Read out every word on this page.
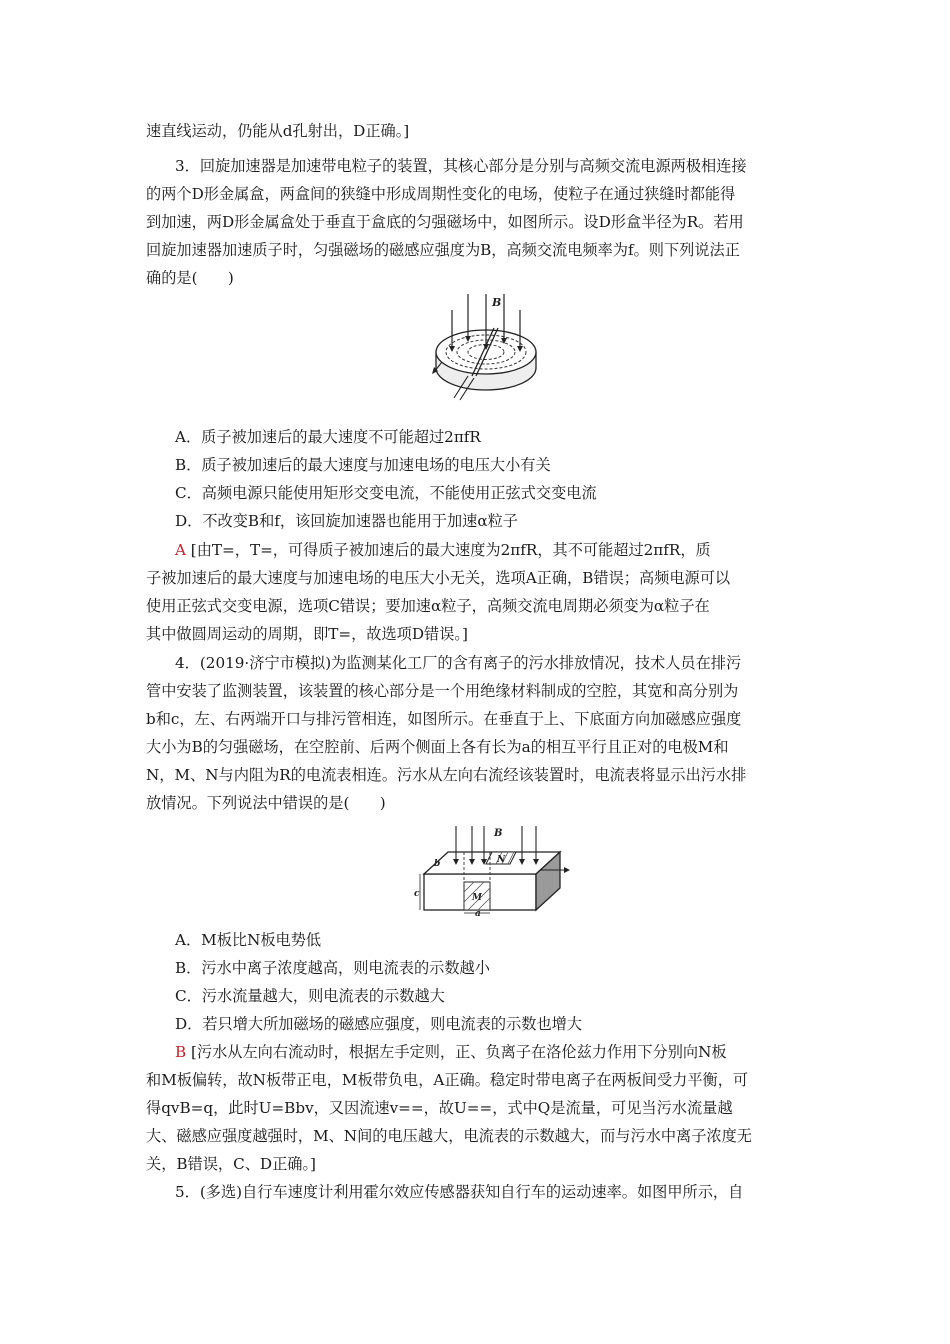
速直线运动，仍能从d孔射出，D正确。]
3．回旋加速器是加速带电粒子的装置，其核心部分是分别与高频交流电源两极相连接
的两个D形金属盒，两盒间的狭缝中形成周期性变化的电场，使粒子在通过狭缝时都能得
到加速，两D形金属盒处于垂直于盒底的匀强磁场中，如图所示。设D形盒半径为R。若用
回旋加速器加速质子时，匀强磁场的磁感应强度为B，高频交流电频率为f。则下列说法正
确的是(　　)
B
A．质子被加速后的最大速度不可能超过2πfR
B．质子被加速后的最大速度与加速电场的电压大小有关
C．高频电源只能使用矩形交变电流，不能使用正弦式交变电流
D．不改变B和f，该回旋加速器也能用于加速α粒子
A [由T=，T=，可得质子被加速后的最大速度为2πfR，其不可能超过2πfR，质
子被加速后的最大速度与加速电场的电压大小无关，选项A正确，B错误；高频电源可以
使用正弦式交变电源，选项C错误；要加速α粒子，高频交流电周期必须变为α粒子在
其中做圆周运动的周期，即T=，故选项D错误。]
4．(2019·济宁市模拟)为监测某化工厂的含有离子的污水排放情况，技术人员在排污
管中安装了监测装置，该装置的核心部分是一个用绝缘材料制成的空腔，其宽和高分别为
b和c，左、右两端开口与排污管相连，如图所示。在垂直于上、下底面方向加磁感应强度
大小为B的匀强磁场，在空腔前、后两个侧面上各有长为a的相互平行且正对的电极M和
N，M、N与内阻为R的电流表相连。污水从左向右流经该装置时，电流表将显示出污水排
放情况。下列说法中错误的是(　　)
B
N
M
b
c
a
A．M板比N板电势低
B．污水中离子浓度越高，则电流表的示数越小
C．污水流量越大，则电流表的示数越大
D．若只增大所加磁场的磁感应强度，则电流表的示数也增大
B [污水从左向右流动时，根据左手定则，正、负离子在洛伦兹力作用下分别向N板
和M板偏转，故N板带正电，M板带负电，A正确。稳定时带电离子在两板间受力平衡，可
得qvB=q，此时U=Bbv，又因流速v==，故U==，式中Q是流量，可见当污水流量越
大、磁感应强度越强时，M、N间的电压越大，电流表的示数越大，而与污水中离子浓度无
关，B错误，C、D正确。]
5．(多选)自行车速度计利用霍尔效应传感器获知自行车的运动速率。如图甲所示，自
